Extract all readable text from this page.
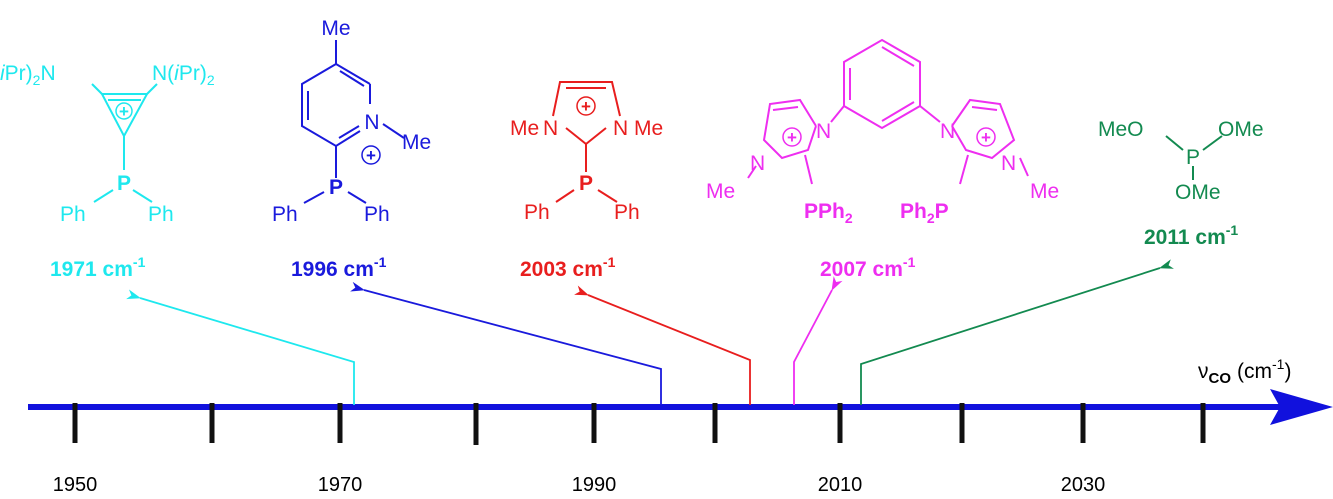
1950	1970	1990	2010	2030
$\nu_{CO}$ $(cm^{-1})$
+
$iPr)_2N$	$N(iPr)_2$
P
Ph	Ph
1971 $cm^{-1}$
Me
N
Me
+
P
Ph	Ph
1996 $cm^{-1}$
+
Me N	N Me
P
Ph	Ph
2003 $cm^{-1}$
+	+
N
N
Me
PPh$_2$
N
N
Me
$Ph_2P$
2007 $cm^{-1}$
MeO	OMe
P
OMe
2011 $cm^{-1}$
